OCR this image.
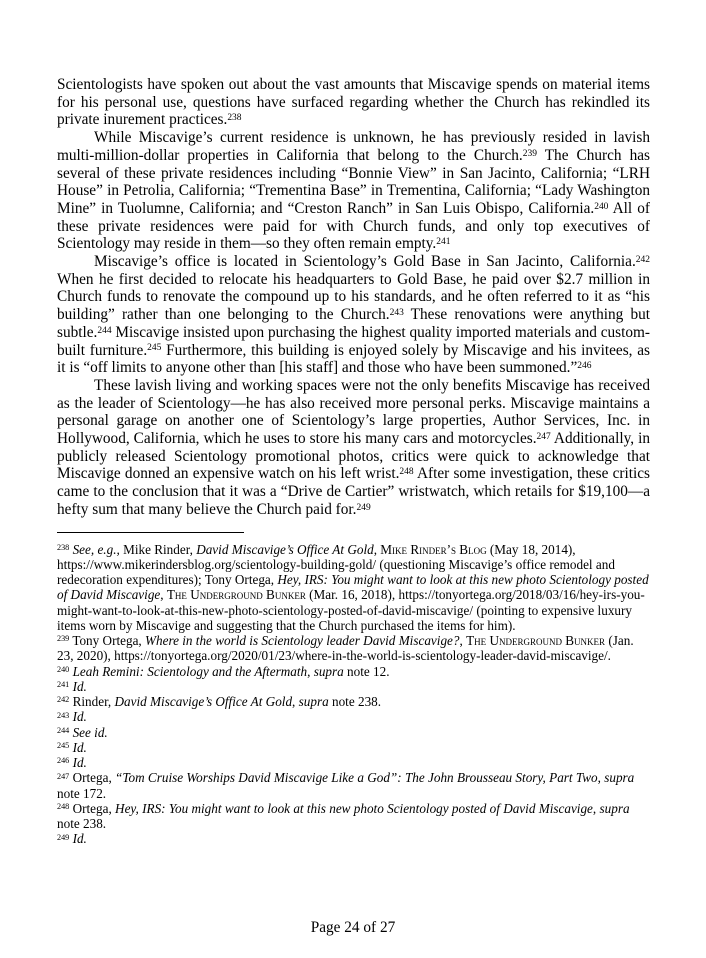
Scientologists have spoken out about the vast amounts that Miscavige spends on material items for his personal use, questions have surfaced regarding whether the Church has rekindled its private inurement practices.$^{238}$

While Miscavige’s current residence is unknown, he has previously resided in lavish multi-million-dollar properties in California that belong to the Church.$^{239}$ The Church has several of these private residences including “Bonnie View” in San Jacinto, California; “LRH House” in Petrolia, California; “Trementina Base” in Trementina, California; “Lady Washington Mine” in Tuolumne, California; and “Creston Ranch” in San Luis Obispo, California.$^{240}$ All of these private residences were paid for with Church funds, and only top executives of Scientology may reside in them—so they often remain empty.$^{241}$

Miscavige’s office is located in Scientology’s Gold Base in San Jacinto, California.$^{242}$ When he first decided to relocate his headquarters to Gold Base, he paid over $2.7 million in Church funds to renovate the compound up to his standards, and he often referred to it as “his building” rather than one belonging to the Church.$^{243}$ These renovations were anything but subtle.$^{244}$ Miscavige insisted upon purchasing the highest quality imported materials and custom-built furniture.$^{245}$ Furthermore, this building is enjoyed solely by Miscavige and his invitees, as it is “off limits to anyone other than [his staff] and those who have been summoned.”$^{246}$

These lavish living and working spaces were not the only benefits Miscavige has received as the leader of Scientology—he has also received more personal perks. Miscavige maintains a personal garage on another one of Scientology’s large properties, Author Services, Inc. in Hollywood, California, which he uses to store his many cars and motorcycles.$^{247}$ Additionally, in publicly released Scientology promotional photos, critics were quick to acknowledge that Miscavige donned an expensive watch on his left wrist.$^{248}$ After some investigation, these critics came to the conclusion that it was a “Drive de Cartier” wristwatch, which retails for $19,100—a hefty sum that many believe the Church paid for.$^{249}$

$^{238}$ See, e.g., Mike Rinder, David Miscavige’s Office At Gold, Mike Rinder’s Blog (May 18, 2014), https://www.mikerindersblog.org/scientology-building-gold/ (questioning Miscavige’s office remodel and redecoration expenditures); Tony Ortega, Hey, IRS: You might want to look at this new photo Scientology posted of David Miscavige, The Underground Bunker (Mar. 16, 2018), https://tonyortega.org/2018/03/16/hey-irs-you-might-want-to-look-at-this-new-photo-scientology-posted-of-david-miscavige/ (pointing to expensive luxury items worn by Miscavige and suggesting that the Church purchased the items for him).

$^{239}$ Tony Ortega, Where in the world is Scientology leader David Miscavige?, The Underground Bunker (Jan. 23, 2020), https://tonyortega.org/2020/01/23/where-in-the-world-is-scientology-leader-david-miscavige/.

$^{240}$ Leah Remini: Scientology and the Aftermath, supra note 12.

$^{241}$ Id.

$^{242}$ Rinder, David Miscavige’s Office At Gold, supra note 238.

$^{243}$ Id.

$^{244}$ See id.

$^{245}$ Id.

$^{246}$ Id.

$^{247}$ Ortega, “Tom Cruise Worships David Miscavige Like a God”: The John Brousseau Story, Part Two, supra note 172.

$^{248}$ Ortega, Hey, IRS: You might want to look at this new photo Scientology posted of David Miscavige, supra note 238.

$^{249}$ Id.

Page 24 of 27
